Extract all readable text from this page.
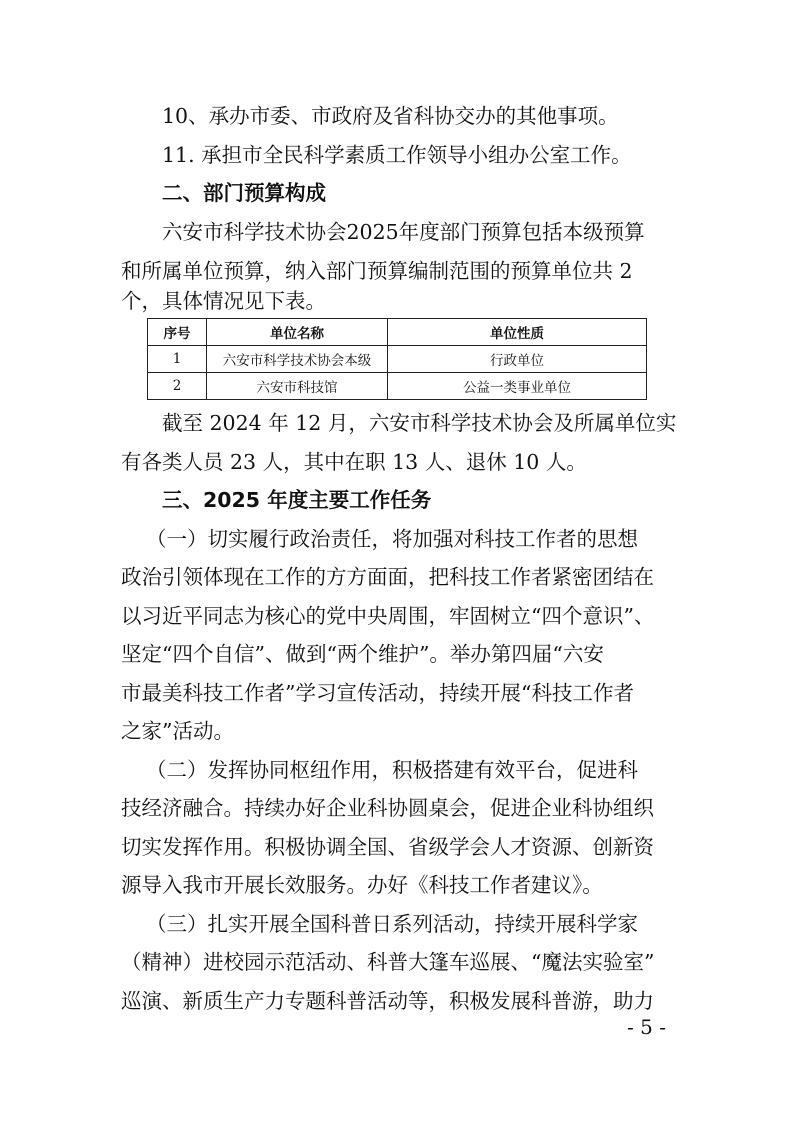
10、承办市委、市政府及省科协交办的其他事项。
11. 承担市全民科学素质工作领导小组办公室工作。
二、部门预算构成
六安市科学技术协会2025年度部门预算包括本级预算
和所属单位预算，纳入部门预算编制范围的预算单位共 2
个，具体情况见下表。
序号	单位名称	单位性质
1	六安市科学技术协会本级	行政单位
2	六安市科技馆	公益一类事业单位
截至 2024 年 12 月，六安市科学技术协会及所属单位实
有各类人员 23 人，其中在职 13 人、退休 10 人。
三、2025 年度主要工作任务
（一）切实履行政治责任，将加强对科技工作者的思想
政治引领体现在工作的方方面面，把科技工作者紧密团结在
以习近平同志为核心的党中央周围，牢固树立“四个意识”、
坚定“四个自信”、做到“两个维护”。举办第四届“六安
市最美科技工作者”学习宣传活动，持续开展“科技工作者
之家”活动。
（二）发挥协同枢纽作用，积极搭建有效平台，促进科
技经济融合。持续办好企业科协圆桌会，促进企业科协组织
切实发挥作用。积极协调全国、省级学会人才资源、创新资
源导入我市开展长效服务。办好《科技工作者建议》。
（三）扎实开展全国科普日系列活动，持续开展科学家
（精神）进校园示范活动、科普大篷车巡展、“魔法实验室”
巡演、新质生产力专题科普活动等，积极发展科普游，助力
- 5 -
